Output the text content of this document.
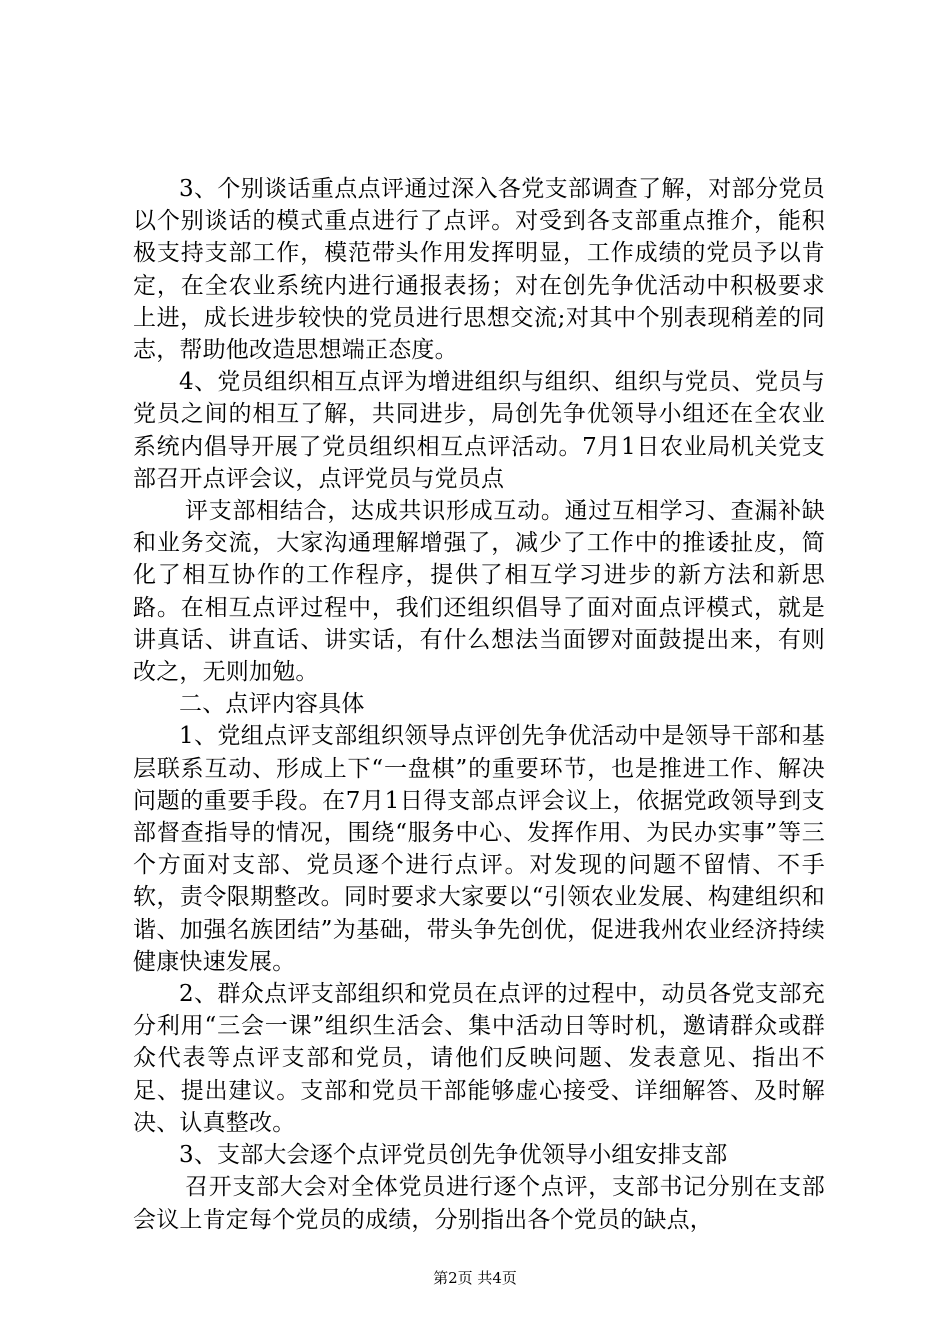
3、个别谈话重点点评通过深入各党支部调查了解，对部分党员以个别谈话的模式重点进行了点评。对受到各支部重点推介，能积极支持支部工作，模范带头作用发挥明显，工作成绩的党员予以肯定，在全农业系统内进行通报表扬；对在创先争优活动中积极要求上进，成长进步较快的党员进行思想交流;对其中个别表现稍差的同志，帮助他改造思想端正态度。

4、党员组织相互点评为增进组织与组织、组织与党员、党员与党员之间的相互了解，共同进步，局创先争优领导小组还在全农业系统内倡导开展了党员组织相互点评活动。7月1日农业局机关党支部召开点评会议，点评党员与党员点

评支部相结合，达成共识形成互动。通过互相学习、查漏补缺和业务交流，大家沟通理解增强了，减少了工作中的推诿扯皮，简化了相互协作的工作程序，提供了相互学习进步的新方法和新思路。在相互点评过程中，我们还组织倡导了面对面点评模式，就是讲真话、讲直话、讲实话，有什么想法当面锣对面鼓提出来，有则改之，无则加勉。

二、点评内容具体

1、党组点评支部组织领导点评创先争优活动中是领导干部和基层联系互动、形成上下“一盘棋”的重要环节，也是推进工作、解决问题的重要手段。在7月1日得支部点评会议上，依据党政领导到支部督查指导的情况，围绕“服务中心、发挥作用、为民办实事”等三个方面对支部、党员逐个进行点评。对发现的问题不留情、不手软，责令限期整改。同时要求大家要以“引领农业发展、构建组织和谐、加强名族团结”为基础，带头争先创优，促进我州农业经济持续健康快速发展。

2、群众点评支部组织和党员在点评的过程中，动员各党支部充分利用“三会一课”组织生活会、集中活动日等时机，邀请群众或群众代表等点评支部和党员，请他们反映问题、发表意见、指出不足、提出建议。支部和党员干部能够虚心接受、详细解答、及时解决、认真整改。

3、支部大会逐个点评党员创先争优领导小组安排支部

召开支部大会对全体党员进行逐个点评，支部书记分别在支部会议上肯定每个党员的成绩，分别指出各个党员的缺点，

第2页 共4页
